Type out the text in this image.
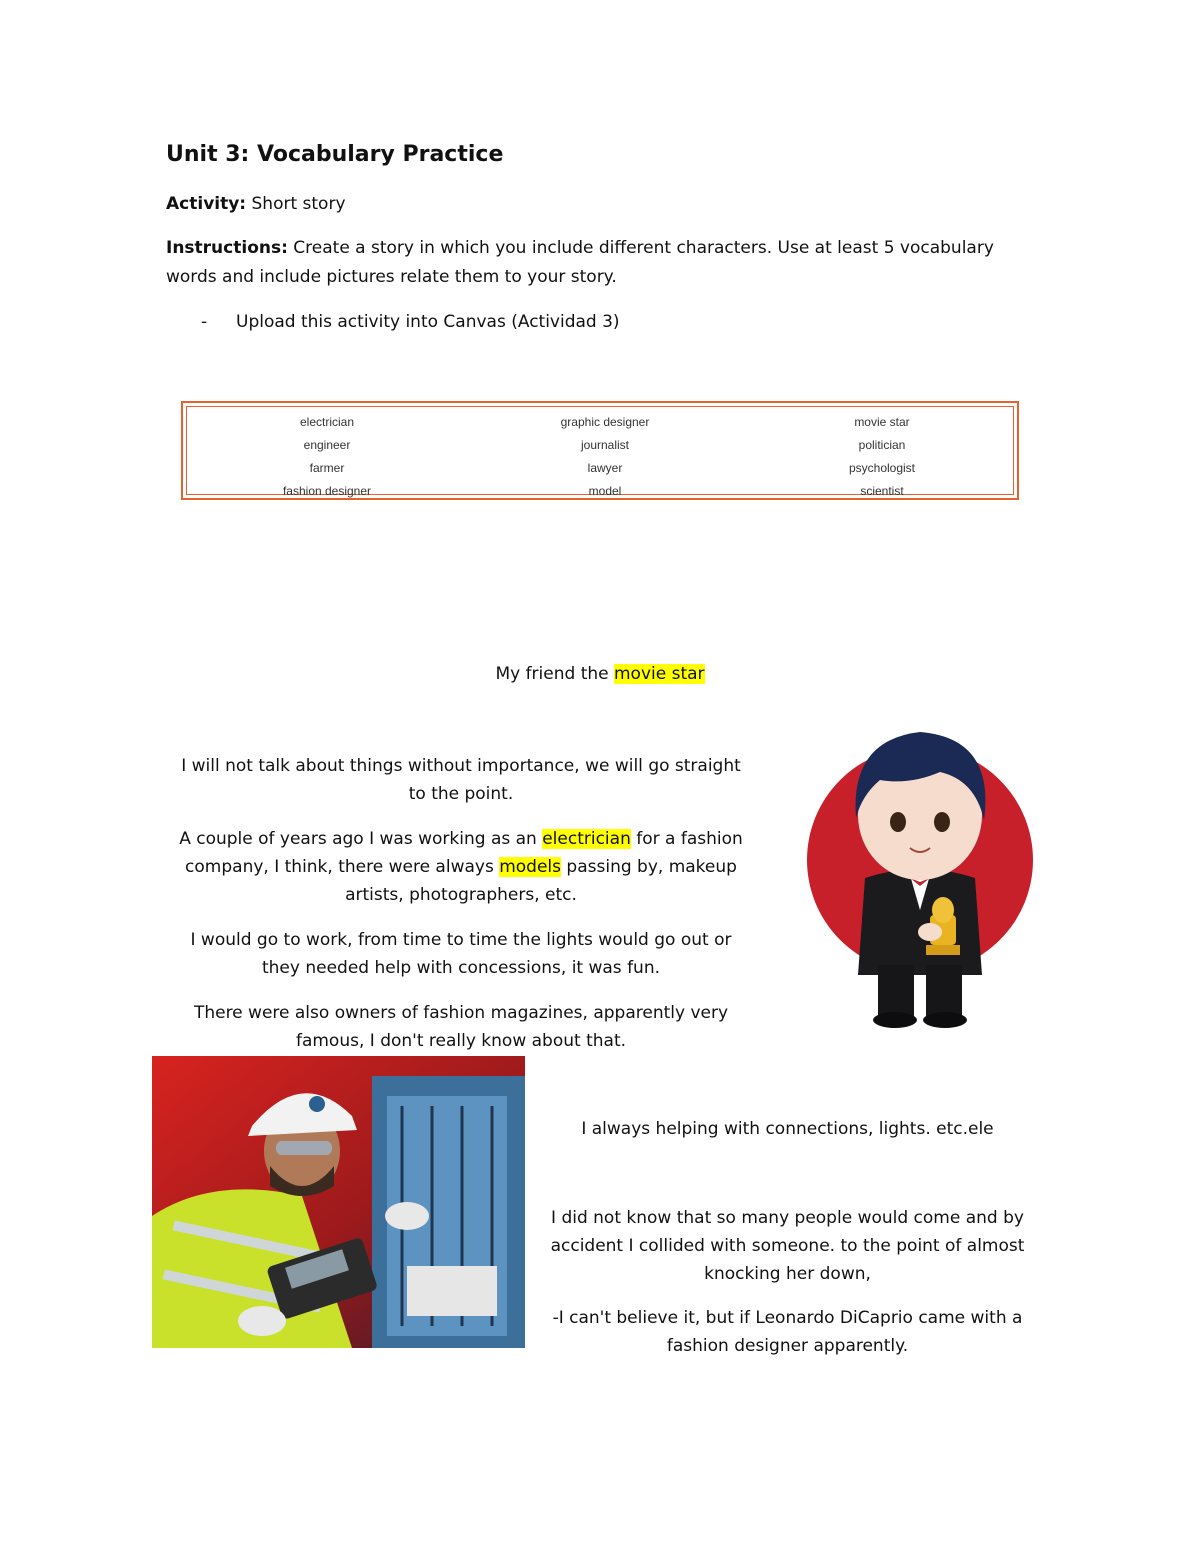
Unit 3: Vocabulary Practice
Activity: Short story
Instructions: Create a story in which you include different characters. Use at least 5 vocabulary
words and include pictures relate them to your story.
- Upload this activity into Canvas (Actividad 3)
electrician
engineer
farmer
fashion designer
graphic designer
journalist
lawyer
model
movie star
politician
psychologist
scientist
My friend the movie star
I will not talk about things without importance, we will go straight
to the point.
A couple of years ago I was working as an electrician for a fashion
company, I think, there were always models passing by, makeup
artists, photographers, etc.
I would go to work, from time to time the lights would go out or
they needed help with concessions, it was fun.
There were also owners of fashion magazines, apparently very
famous, I don't really know about that.
I always helping with connections, lights. etc.ele
I did not know that so many people would come and by
accident I collided with someone. to the point of almost
knocking her down,
-I can't believe it, but if Leonardo DiCaprio came with a
fashion designer apparently.
